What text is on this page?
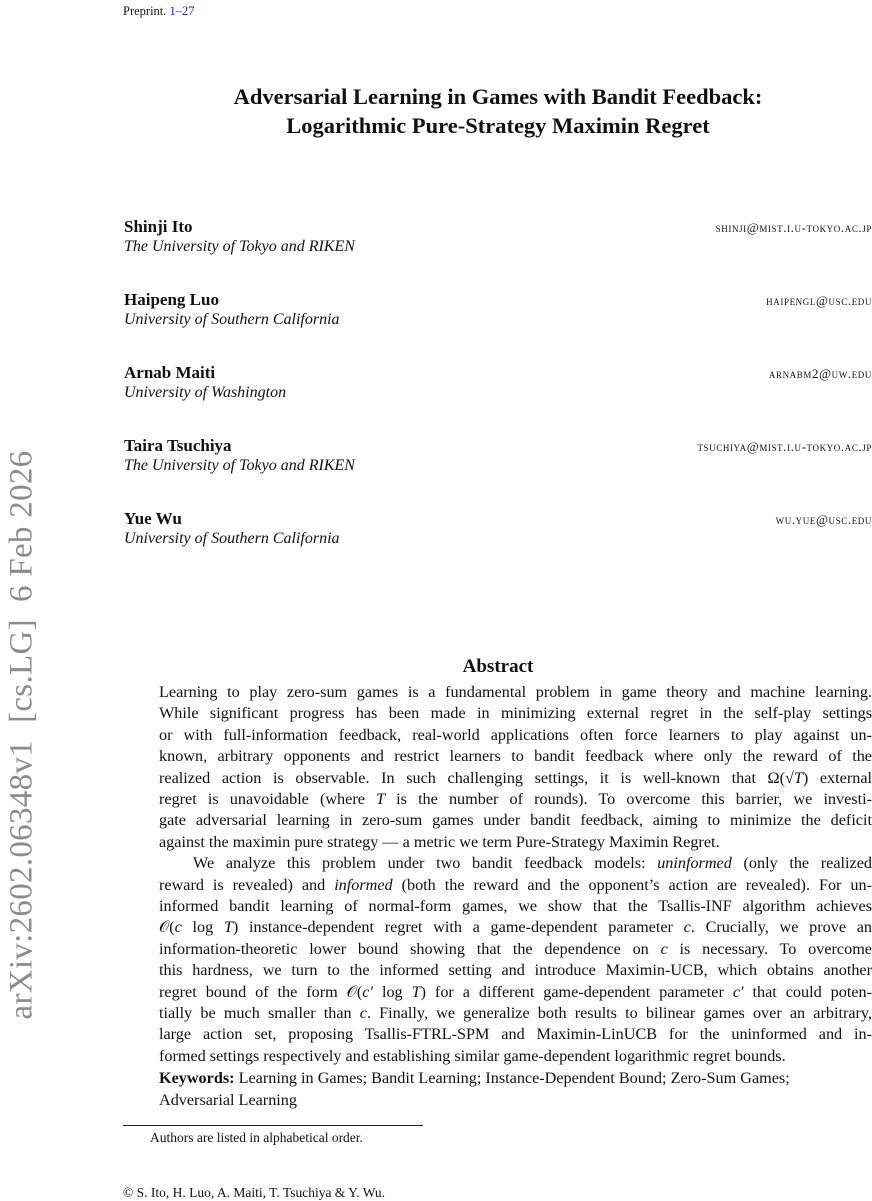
Preprint. 1–27
arXiv:2602.06348v1  [cs.LG]  6 Feb 2026
Adversarial Learning in Games with Bandit Feedback:
Logarithmic Pure-Strategy Maximin Regret
Shinji Ito
The University of Tokyo and RIKEN
shinji@mist.i.u-tokyo.ac.jp
Haipeng Luo
University of Southern California
haipengl@usc.edu
Arnab Maiti
University of Washington
arnabm2@uw.edu
Taira Tsuchiya
The University of Tokyo and RIKEN
tsuchiya@mist.i.u-tokyo.ac.jp
Yue Wu
University of Southern California
wu.yue@usc.edu
Abstract
Learning to play zero-sum games is a fundamental problem in game theory and machine learning.
While significant progress has been made in minimizing external regret in the self-play settings
or with full-information feedback, real-world applications often force learners to play against un-
known, arbitrary opponents and restrict learners to bandit feedback where only the reward of the
realized action is observable. In such challenging settings, it is well-known that Ω(√T) external
regret is unavoidable (where T is the number of rounds). To overcome this barrier, we investi-
gate adversarial learning in zero-sum games under bandit feedback, aiming to minimize the deficit
against the maximin pure strategy — a metric we term Pure-Strategy Maximin Regret.
We analyze this problem under two bandit feedback models: uninformed (only the realized
reward is revealed) and informed (both the reward and the opponent’s action are revealed). For un-
informed bandit learning of normal-form games, we show that the Tsallis-INF algorithm achieves
𝒪(c log T) instance-dependent regret with a game-dependent parameter c. Crucially, we prove an
information-theoretic lower bound showing that the dependence on c is necessary. To overcome
this hardness, we turn to the informed setting and introduce Maximin-UCB, which obtains another
regret bound of the form 𝒪(c′ log T) for a different game-dependent parameter c′ that could poten-
tially be much smaller than c. Finally, we generalize both results to bilinear games over an arbitrary,
large action set, proposing Tsallis-FTRL-SPM and Maximin-LinUCB for the uninformed and in-
formed settings respectively and establishing similar game-dependent logarithmic regret bounds.
Keywords: Learning in Games; Bandit Learning; Instance-Dependent Bound; Zero-Sum Games;
Adversarial Learning
Authors are listed in alphabetical order.
© S. Ito, H. Luo, A. Maiti, T. Tsuchiya & Y. Wu.
